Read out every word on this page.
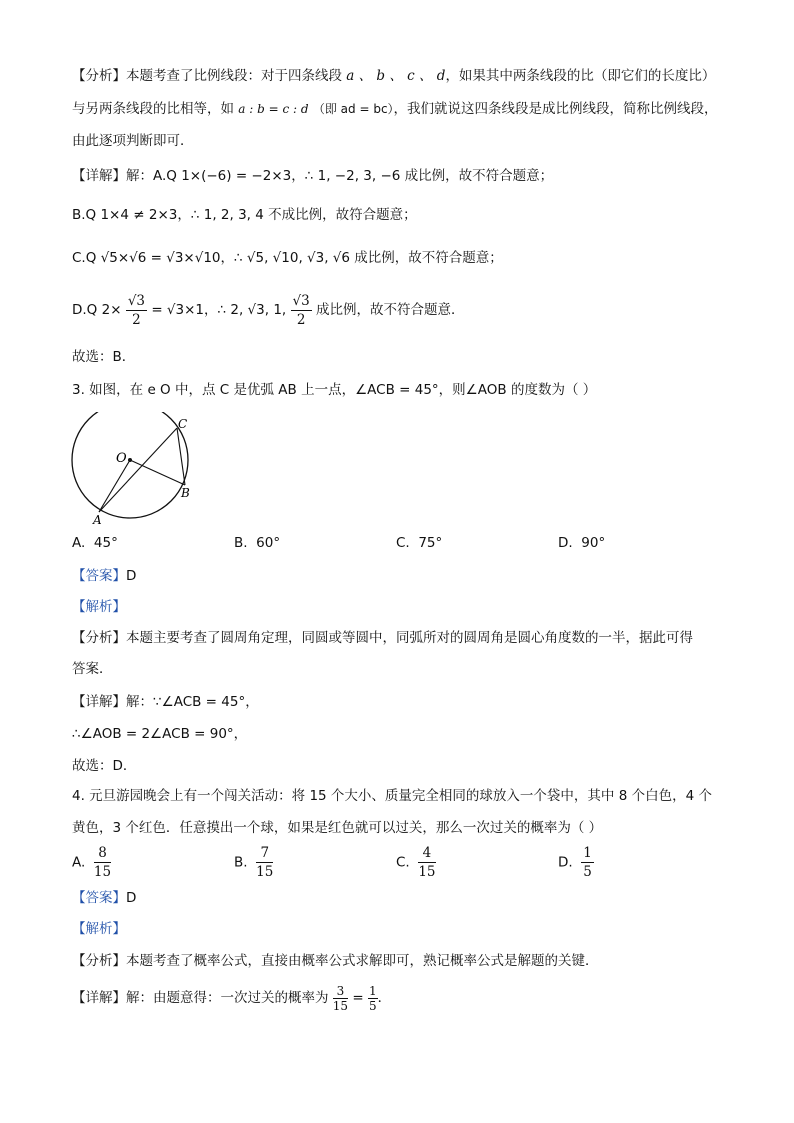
【分析】本题考查了比例线段：对于四条线段 a 、 b 、 c 、 d，如果其中两条线段的比（即它们的长度比）
与另两条线段的比相等，如 a : b = c : d （即 ad = bc），我们就说这四条线段是成比例线段，简称比例线段，
由此逐项判断即可．
【详解】解：A.Q 1×(−6) = −2×3，∴ 1, −2, 3, −6 成比例，故不符合题意；
B.Q 1×4 ≠ 2×3，∴ 1, 2, 3, 4 不成比例，故符合题意；
C.Q √5×√6 = √3×√10，∴ √5, √10, √3, √6 成比例，故不符合题意；
D.Q $2\times \frac{√3}{2} = √3\times 1$，∴ 2, √3, 1, $\frac{√3}{2}$ 成比例，故不符合题意．
故选：B．
3. 如图，在 e O 中，点 C 是优弧 AB 上一点，∠ACB = 45°，则∠AOB 的度数为（ ）
O
C
B
A
A. 45°	B. 60°	C. 75°	D. 90°
【答案】D
【解析】
【分析】本题主要考查了圆周角定理，同圆或等圆中，同弧所对的圆周角是圆心角度数的一半，据此可得
答案．
【详解】解：∵∠ACB = 45°，
∴∠AOB = 2∠ACB = 90°，
故选：D．
4. 元旦游园晚会上有一个闯关活动：将 15 个大小、质量完全相同的球放入一个袋中，其中 8 个白色，4 个
黄色，3 个红色．任意摸出一个球，如果是红色就可以过关，那么一次过关的概率为（ ）
A. $\frac{8}{15}$	B. $\frac{7}{15}$	C. $\frac{4}{15}$	D. $\frac{1}{5}$
【答案】D
【解析】
【分析】本题考查了概率公式，直接由概率公式求解即可，熟记概率公式是解题的关键．
【详解】解：由题意得：一次过关的概率为 $\frac{3}{15} = \frac{1}{5}$ ．
